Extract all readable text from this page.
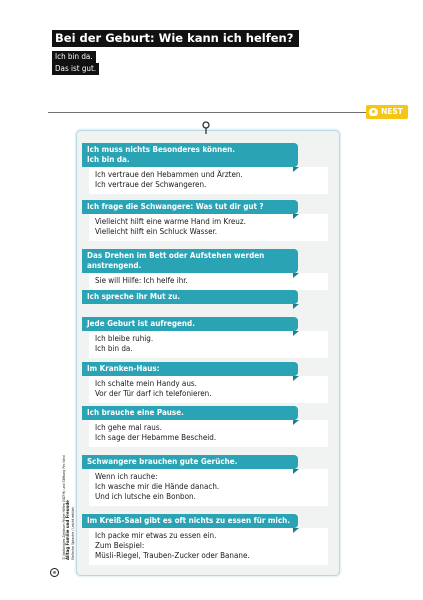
Bei der Geburt: Wie kann ich helfen?
Ich bin da.
Das ist gut.
NEST
Ich muss nichts Besonderes können.
Ich bin da.
Ich vertraue den Hebammen und Ärzten.
Ich vertraue der Schwangeren.
Ich frage die Schwangere: Was tut dir gut ?
Vielleicht hilft eine warme Hand im Kreuz.
Vielleicht hilft ein Schluck Wasser.
Das Drehen im Bett oder Aufstehen werden anstrengend.
Sie will Hilfe: Ich helfe ihr.
Ich spreche ihr Mut zu.
Jede Geburt ist aufregend.
Ich bleibe ruhig.
Ich bin da.
Im Kranken-Haus:
Ich schalte mein Handy aus.
Vor der Tür darf ich telefonieren.
Ich brauche eine Pause.
Ich gehe mal raus.
Ich sage der Hebamme Bescheid.
Schwangere brauchen gute Gerüche.
Wenn ich rauche:
Ich wasche mir die Hände danach.
Und ich lutsche ein Bonbon.
Im Kreiß-Saal gibt es oft nichts zu essen für mich.
Ich packe mir etwas zu essen ein.
Zum Beispiel:
Müsli-Riegel, Trauben-Zucker oder Banane.
℗
© Nationales Zentrum Frühe Hilfen (NZFH) und Stiftung Pro Kind Alltag Familie und Freunde Einfache Sprache / Leicht erklärt
